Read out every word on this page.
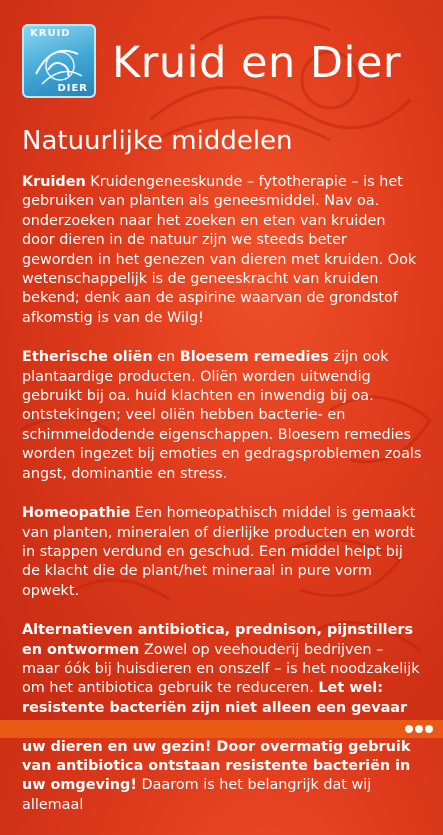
KRUID
DIER
Kruid en Dier
Natuurlijke middelen

Kruiden Kruidengeneeskunde – fytotherapie – is het gebruiken van planten als geneesmiddel. Nav oa. onderzoeken naar het zoeken en eten van kruiden door dieren in de natuur zijn we steeds beter geworden in het genezen van dieren met kruiden. Ook wetenschappelijk is de geneeskracht van kruiden bekend; denk aan de aspirine waarvan de grondstof afkomstig is van de Wilg!

Etherische oliën en Bloesem remedies zijn ook plantaardige producten. Oliën worden uitwendig gebruikt bij oa. huid klachten en inwendig bij oa. ontstekingen; veel oliën hebben bacterie- en schimmeldodende eigenschappen. Bloesem remedies worden ingezet bij emoties en gedragsproblemen zoals angst, dominantie en stress.

Homeopathie Een homeopathisch middel is gemaakt van planten, mineralen of dierlijke producten en wordt in stappen verdund en geschud. Een middel helpt bij de klacht die de plant/het mineraal in pure vorm opwekt.

Alternatieven antibiotica, prednison, pijnstillers en ontwormen Zowel op veehouderij bedrijven – maar óók bij huisdieren en onszelf – is het noodzakelijk om het antibiotica gebruik te reduceren. Let wel: resistente bacteriën zijn niet alleen een gevaar uw dieren en uw gezin! Door overmatig gebruik van antibiotica ontstaan resistente bacteriën in uw omgeving! Daarom is het belangrijk dat wij allemaal
